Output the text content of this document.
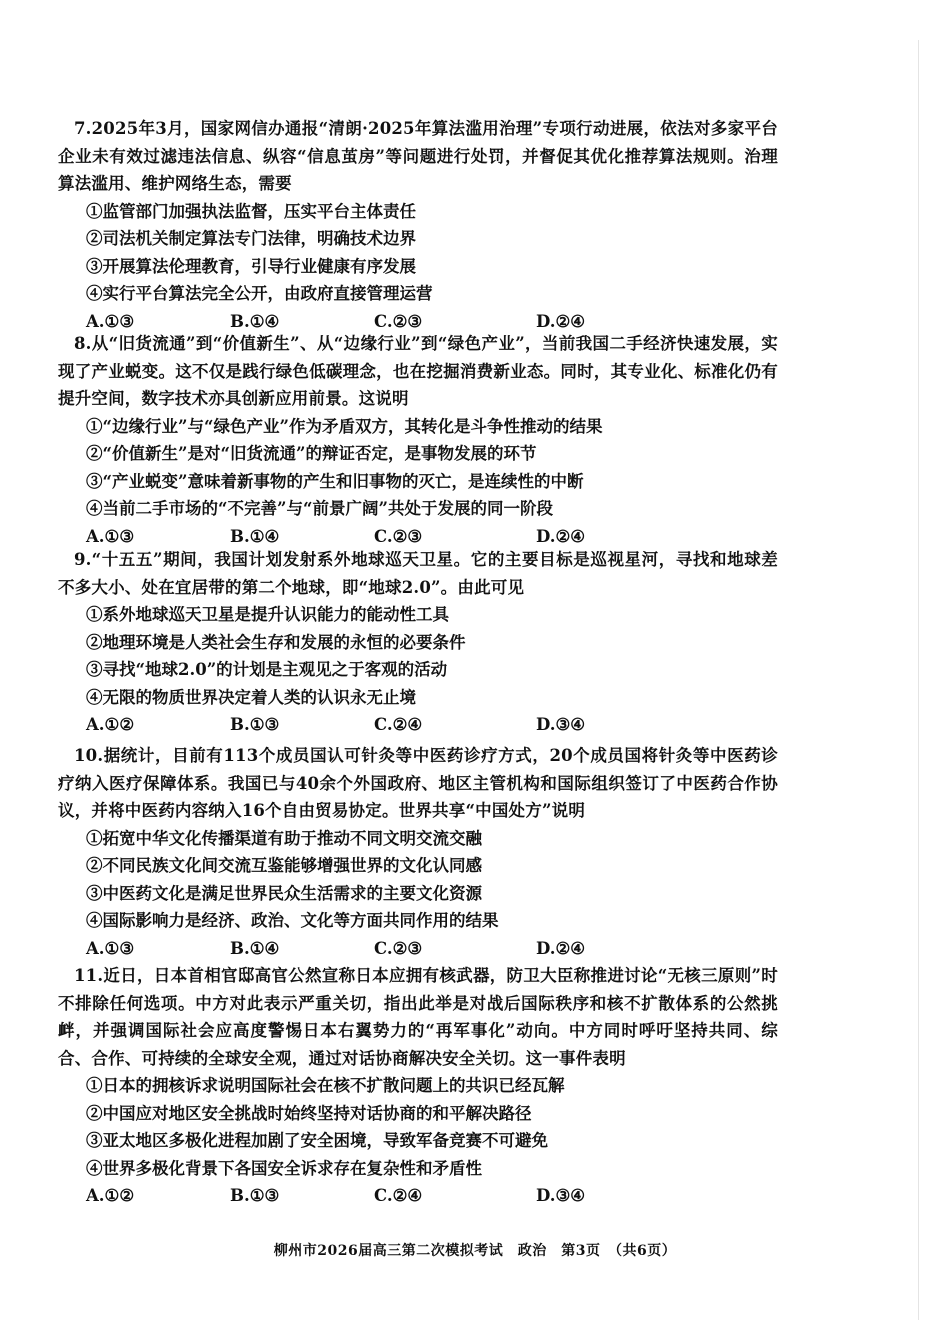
7.2025年3月，国家网信办通报“清朗·2025年算法滥用治理”专项行动进展，依法对多家平台企业未有效过滤违法信息、纵容“信息茧房”等问题进行处罚，并督促其优化推荐算法规则。治理算法滥用、维护网络生态，需要

①监管部门加强执法监督，压实平台主体责任

②司法机关制定算法专门法律，明确技术边界

③开展算法伦理教育，引导行业健康有序发展

④实行平台算法完全公开，由政府直接管理运营

A.①③	B.①④	C.②③	D.②④

8.从“旧货流通”到“价值新生”、从“边缘行业”到“绿色产业”，当前我国二手经济快速发展，实现了产业蜕变。这不仅是践行绿色低碳理念，也在挖掘消费新业态。同时，其专业化、标准化仍有提升空间，数字技术亦具创新应用前景。这说明

①“边缘行业”与“绿色产业”作为矛盾双方，其转化是斗争性推动的结果

②“价值新生”是对“旧货流通”的辩证否定，是事物发展的环节

③“产业蜕变”意味着新事物的产生和旧事物的灭亡，是连续性的中断

④当前二手市场的“不完善”与“前景广阔”共处于发展的同一阶段

A.①③	B.①④	C.②③	D.②④

9.“十五五”期间，我国计划发射系外地球巡天卫星。它的主要目标是巡视星河，寻找和地球差不多大小、处在宜居带的第二个地球，即“地球2.0”。由此可见

①系外地球巡天卫星是提升认识能力的能动性工具

②地理环境是人类社会生存和发展的永恒的必要条件

③寻找“地球2.0”的计划是主观见之于客观的活动

④无限的物质世界决定着人类的认识永无止境

A.①②	B.①③	C.②④	D.③④

10.据统计，目前有113个成员国认可针灸等中医药诊疗方式，20个成员国将针灸等中医药诊疗纳入医疗保障体系。我国已与40余个外国政府、地区主管机构和国际组织签订了中医药合作协议，并将中医药内容纳入16个自由贸易协定。世界共享“中国处方”说明

①拓宽中华文化传播渠道有助于推动不同文明交流交融

②不同民族文化间交流互鉴能够增强世界的文化认同感

③中医药文化是满足世界民众生活需求的主要文化资源

④国际影响力是经济、政治、文化等方面共同作用的结果

A.①③	B.①④	C.②③	D.②④

11.近日，日本首相官邸高官公然宣称日本应拥有核武器，防卫大臣称推进讨论“无核三原则”时不排除任何选项。中方对此表示严重关切，指出此举是对战后国际秩序和核不扩散体系的公然挑衅，并强调国际社会应高度警惕日本右翼势力的“再军事化”动向。中方同时呼吁坚持共同、综合、合作、可持续的全球安全观，通过对话协商解决安全关切。这一事件表明

①日本的拥核诉求说明国际社会在核不扩散问题上的共识已经瓦解

②中国应对地区安全挑战时始终坚持对话协商的和平解决路径

③亚太地区多极化进程加剧了安全困境，导致军备竞赛不可避免

④世界多极化背景下各国安全诉求存在复杂性和矛盾性

A.①②	B.①③	C.②④	D.③④
柳州市2026届高三第二次模拟考试　政治　第3页　（共6页）
